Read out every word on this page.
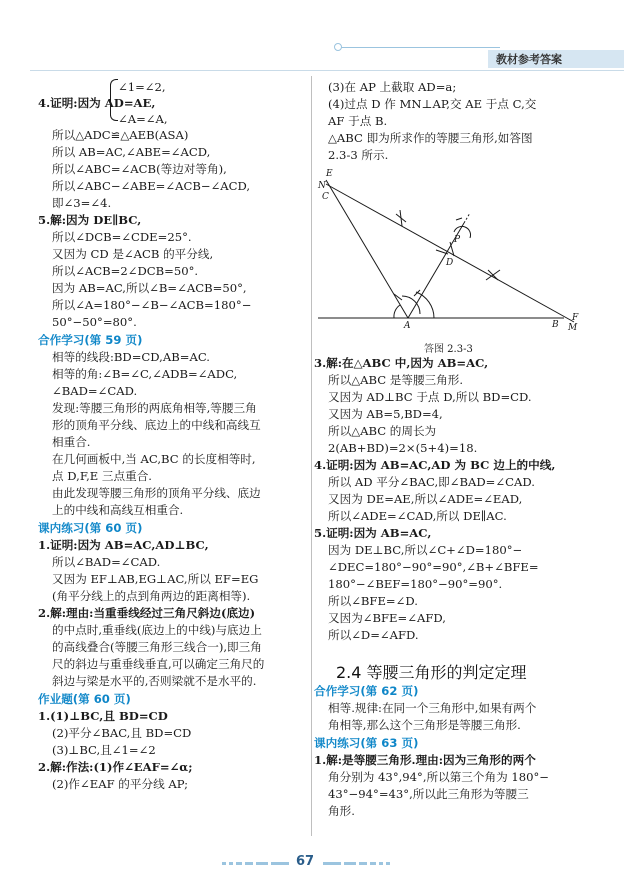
教材参考答案
∠1=∠2,
4.证明:因为 AD=AE,
∠A=∠A,
所以△ADC≌△AEB(ASA)
所以 AB=AC,∠ABE=∠ACD,
所以∠ABC=∠ACB(等边对等角),
所以∠ABC−∠ABE=∠ACB−∠ACD,
即∠3=∠4.
5.解:因为 DE∥BC,
所以∠DCB=∠CDE=25°.
又因为 CD 是∠ACB 的平分线,
所以∠ACB=2∠DCB=50°.
因为 AB=AC,所以∠B=∠ACB=50°,
所以∠A=180°−∠B−∠ACB=180°−
50°−50°=80°.
合作学习(第 59 页)
相等的线段:BD=CD,AB=AC.
相等的角:∠B=∠C,∠ADB=∠ADC,
∠BAD=∠CAD.
发现:等腰三角形的两底角相等,等腰三角
形的顶角平分线、底边上的中线和高线互
相重合.
在几何画板中,当 AC,BC 的长度相等时,
点 D,F,E 三点重合.
由此发现等腰三角形的顶角平分线、底边
上的中线和高线互相重合.
课内练习(第 60 页)
1.证明:因为 AB=AC,AD⊥BC,
所以∠BAD=∠CAD.
又因为 EF⊥AB,EG⊥AC,所以 EF=EG
(角平分线上的点到角两边的距离相等).
2.解:理由:当重垂线经过三角尺斜边(底边)
的中点时,重垂线(底边上的中线)与底边上
的高线叠合(等腰三角形三线合一),即三角
尺的斜边与重垂线垂直,可以确定三角尺的
斜边与梁是水平的,否则梁就不是水平的.
作业题(第 60 页)
1.(1)⊥BC,且 BD=CD
(2)平分∠BAC,且 BD=CD
(3)⊥BC,且∠1=∠2
2.解:作法:(1)作∠EAF=∠α;
(2)作∠EAF 的平分线 AP;
(3)在 AP 上截取 AD=a;
(4)过点 D 作 MN⊥AP,交 AE 于点 C,交
AF 于点 B.
△ABC 即为所求作的等腰三角形,如答图
2.3-3 所示.
E
N
C
P
D
A	B
F
M
答图 2.3-3
3.解:在△ABC 中,因为 AB=AC,
所以△ABC 是等腰三角形.
又因为 AD⊥BC 于点 D,所以 BD=CD.
又因为 AB=5,BD=4,
所以△ABC 的周长为
2(AB+BD)=2×(5+4)=18.
4.证明:因为 AB=AC,AD 为 BC 边上的中线,
所以 AD 平分∠BAC,即∠BAD=∠CAD.
又因为 DE=AE,所以∠ADE=∠EAD,
所以∠ADE=∠CAD,所以 DE∥AC.
5.证明:因为 AB=AC,
因为 DE⊥BC,所以∠C+∠D=180°−
∠DEC=180°−90°=90°,∠B+∠BFE=
180°−∠BEF=180°−90°=90°.
所以∠BFE=∠D.
又因为∠BFE=∠AFD,
所以∠D=∠AFD.
2.4 等腰三角形的判定定理
合作学习(第 62 页)
相等.规律:在同一个三角形中,如果有两个
角相等,那么这个三角形是等腰三角形.
课内练习(第 63 页)
1.解:是等腰三角形.理由:因为三角形的两个
角分别为 43°,94°,所以第三个角为 180°−
43°−94°=43°,所以此三角形为等腰三
角形.
67
